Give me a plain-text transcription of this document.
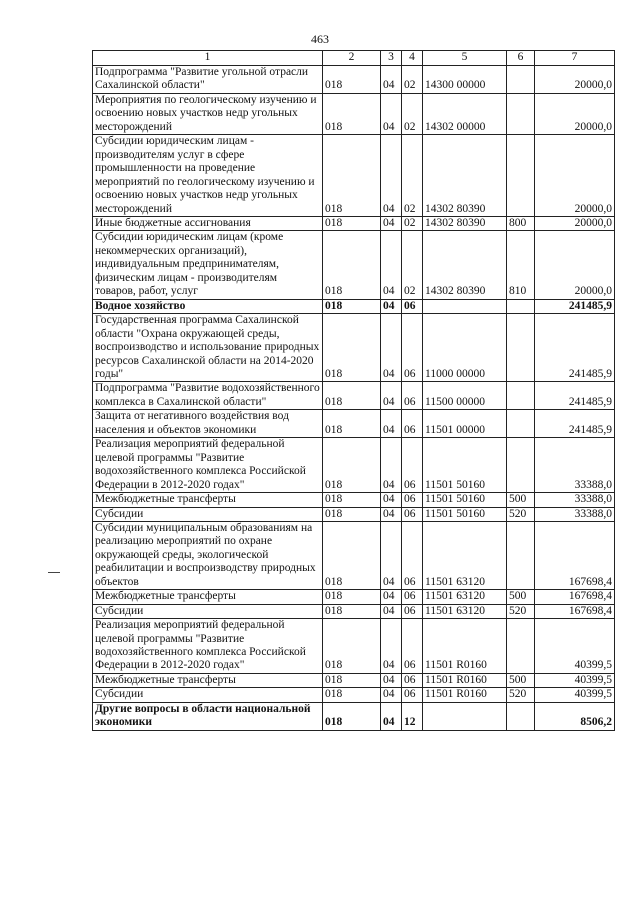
463
1	2	3	4	5	6	7
Подпрограмма "Развитие угольной отрасли Сахалинской области"	018	04	02	14300 00000		20000,0
Мероприятия по геологическому изучению и освоению новых участков недр угольных месторождений	018	04	02	14302 00000		20000,0
Субсидии юридическим лицам - производителям услуг в сфере промышленности на проведение мероприятий по геологическому изучению и освоению новых участков недр угольных месторождений	018	04	02	14302 80390		20000,0
Иные бюджетные ассигнования	018	04	02	14302 80390	800	20000,0
Субсидии юридическим лицам (кроме некоммерческих организаций), индивидуальным предпринимателям, физическим лицам - производителям товаров, работ, услуг	018	04	02	14302 80390	810	20000,0
Водное хозяйство	018	04	06			241485,9
Государственная программа Сахалинской области "Охрана окружающей среды, воспроизводство и использование природных ресурсов Сахалинской области на 2014-2020 годы"	018	04	06	11000 00000		241485,9
Подпрограмма "Развитие водохозяйственного комплекса в Сахалинской области"	018	04	06	11500 00000		241485,9
Защита от негативного воздействия вод населения и объектов экономики	018	04	06	11501 00000		241485,9
Реализация мероприятий федеральной целевой программы "Развитие водохозяйственного комплекса Российской Федерации в 2012-2020 годах"	018	04	06	11501 50160		33388,0
Межбюджетные трансферты	018	04	06	11501 50160	500	33388,0
Субсидии	018	04	06	11501 50160	520	33388,0
Субсидии муниципальным образованиям на реализацию мероприятий по охране окружающей среды, экологической реабилитации и воспроизводству природных объектов	018	04	06	11501 63120		167698,4
Межбюджетные трансферты	018	04	06	11501 63120	500	167698,4
Субсидии	018	04	06	11501 63120	520	167698,4
Реализация мероприятий федеральной целевой программы "Развитие водохозяйственного комплекса Российской Федерации в 2012-2020 годах"	018	04	06	11501 R0160		40399,5
Межбюджетные трансферты	018	04	06	11501 R0160	500	40399,5
Субсидии	018	04	06	11501 R0160	520	40399,5
Другие вопросы в области национальной экономики	018	04	12			8506,2
